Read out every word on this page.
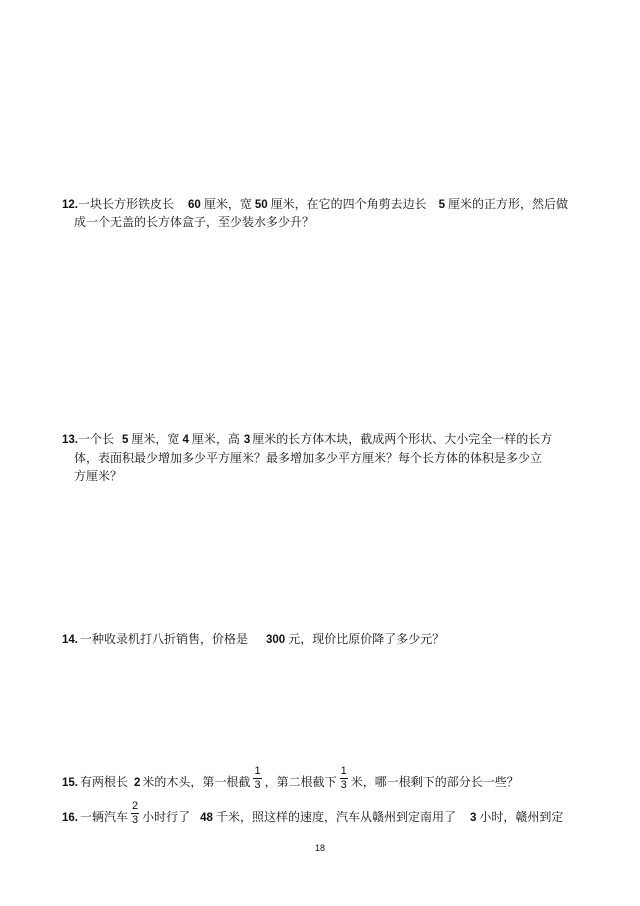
12.一块长方形铁皮长 60 厘米，宽 50 厘米，在它的四个角剪去边长 5 厘米的正方形，然后做
成一个无盖的长方体盒子，至少装水多少升？
13.一个长 5 厘米，宽 4 厘米，高 3 厘米的长方体木块，截成两个形状、大小完全一样的长方
体，表面积最少增加多少平方厘米？最多增加多少平方厘米？每个长方体的体积是多少立
方厘米？
14. 一种收录机打八折销售，价格是 300 元，现价比原价降了多少元？
15. 有两根长 2 米的木头，第一根截 $\frac{1}{3}$ ，第二根截下 $\frac{1}{3}$ 米，哪一根剩下的部分长一些？
16. 一辆汽车 $\frac{2}{3}$ 小时行了 48 千米，照这样的速度，汽车从赣州到定南用了 3 小时，赣州到定
18
